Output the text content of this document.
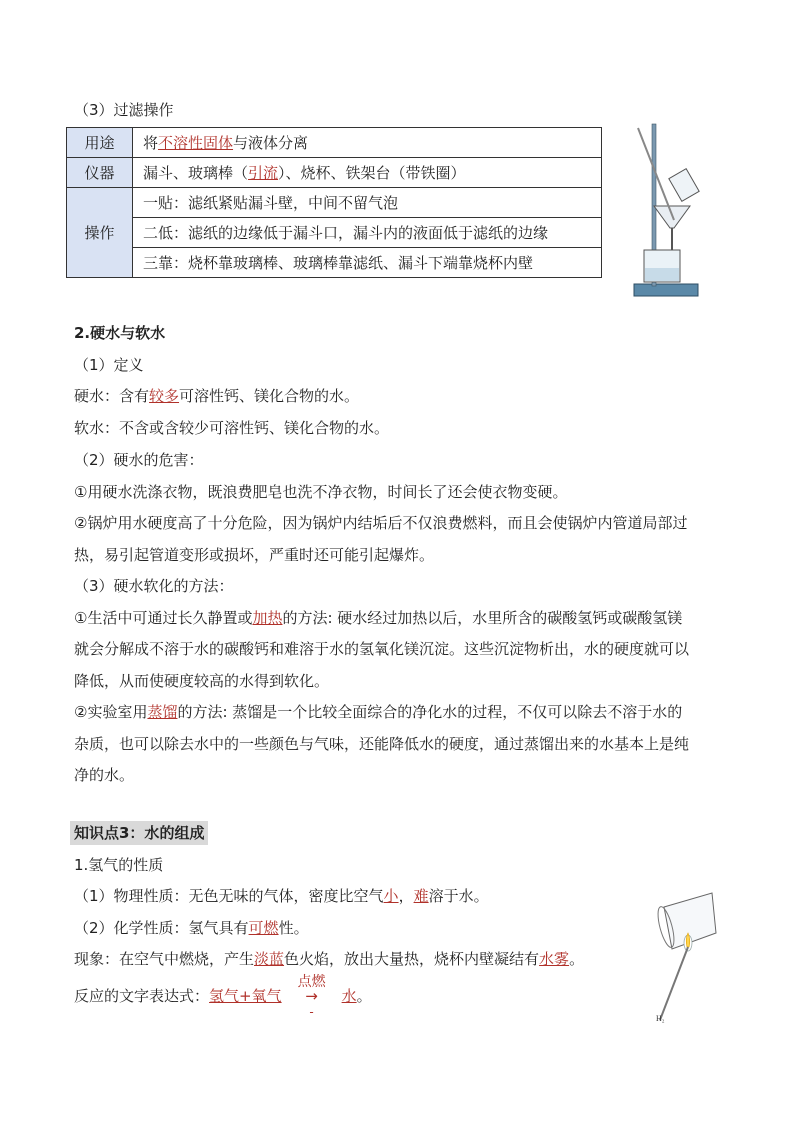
（3）过滤操作
用途	将不溶性固体与液体分离
仪器	漏斗、玻璃棒（引流）、烧杯、铁架台（带铁圈）
操作	一贴：滤纸紧贴漏斗壁，中间不留气泡
	二低：滤纸的边缘低于漏斗口，漏斗内的液面低于滤纸的边缘
	三靠：烧杯靠玻璃棒、玻璃棒靠滤纸、漏斗下端靠烧杯内壁
2.硬水与软水
（1）定义
硬水：含有较多可溶性钙、镁化合物的水。
软水：不含或含较少可溶性钙、镁化合物的水。
（2）硬水的危害：
①用硬水洗涤衣物，既浪费肥皂也洗不净衣物，时间长了还会使衣物变硬。
②锅炉用水硬度高了十分危险，因为锅炉内结垢后不仅浪费燃料，而且会使锅炉内管道局部过
热，易引起管道变形或损坏，严重时还可能引起爆炸。
（3）硬水软化的方法：
①生活中可通过长久静置或加热的方法: 硬水经过加热以后，水里所含的碳酸氢钙或碳酸氢镁
就会分解成不溶于水的碳酸钙和难溶于水的氢氧化镁沉淀。这些沉淀物析出，水的硬度就可以
降低，从而使硬度较高的水得到软化。
②实验室用蒸馏的方法: 蒸馏是一个比较全面综合的净化水的过程，不仅可以除去不溶于水的
杂质，也可以除去水中的一些颜色与气味，还能降低水的硬度，通过蒸馏出来的水基本上是纯
净的水。
知识点3：水的组成
1.氢气的性质
（1）物理性质：无色无味的气体，密度比空气小，难溶于水。
（2）化学性质：氢气具有可燃性。
现象：在空气中燃烧，产生淡蓝色火焰，放出大量热，烧杯内壁凝结有水雾。
反应的文字表达式：氢气+氧气
点燃
→
-
水。
H₂
